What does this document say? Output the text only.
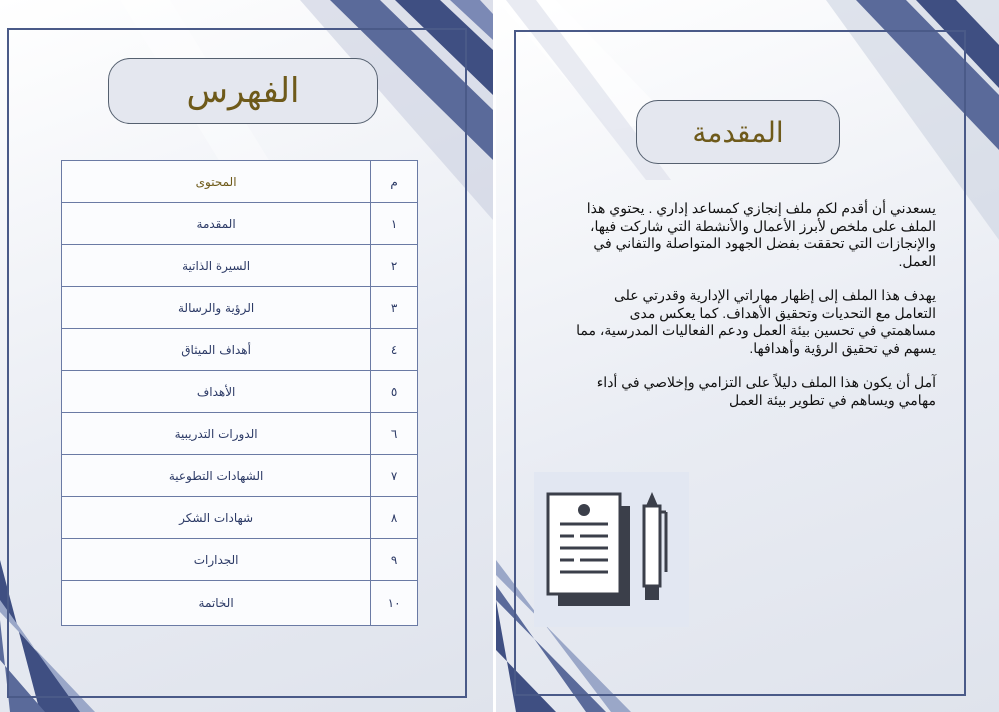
الفهرس
المحتوى	م
المقدمة	١
السيرة الذاتية	٢
الرؤية والرسالة	٣
أهداف الميثاق	٤
الأهداف	٥
الدورات التدريبية	٦
الشهادات التطوعية	٧
شهادات الشكر	٨
الجدارات	٩
الخاتمة	١٠
المقدمة

يسعدني أن أقدم لكم ملف إنجازي كمساعد إداري . يحتوي هذا الملف على ملخص لأبرز الأعمال والأنشطة التي شاركت فيها، والإنجازات التي تحققت بفضل الجهود المتواصلة والتفاني في العمل.

يهدف هذا الملف إلى إظهار مهاراتي الإدارية وقدرتي على التعامل مع التحديات وتحقيق الأهداف. كما يعكس مدى مساهمتي في تحسين بيئة العمل ودعم الفعاليات المدرسية، مما يسهم في تحقيق الرؤية وأهدافها.

آمل أن يكون هذا الملف دليلاً على التزامي وإخلاصي في أداء مهامي ويساهم في تطوير بيئة العمل
